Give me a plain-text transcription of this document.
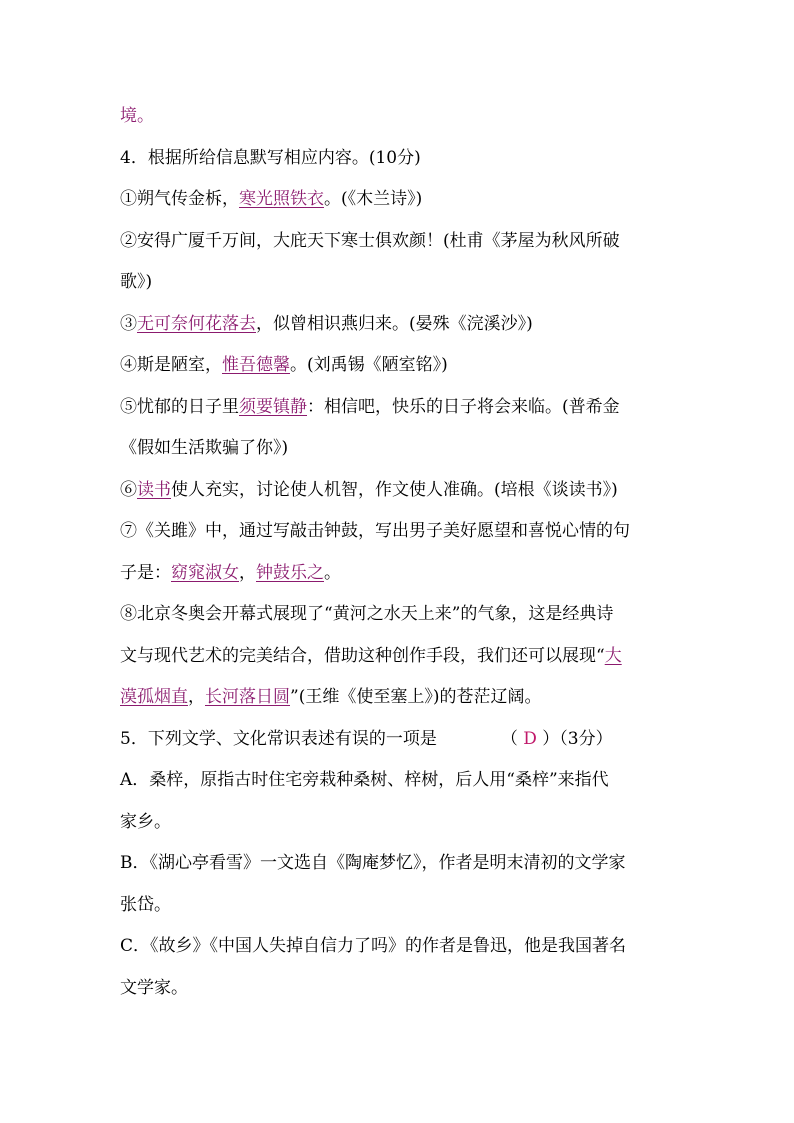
境。
4．根据所给信息默写相应内容。(10分)
①朔气传金柝，寒光照铁衣。(《木兰诗》)
②安得广厦千万间，大庇天下寒士俱欢颜！(杜甫《茅屋为秋风所破
歌》)
③无可奈何花落去，似曾相识燕归来。(晏殊《浣溪沙》)
④斯是陋室，惟吾德馨。(刘禹锡《陋室铭》)
⑤忧郁的日子里须要镇静：相信吧，快乐的日子将会来临。(普希金
《假如生活欺骗了你》)
⑥读书使人充实，讨论使人机智，作文使人准确。(培根《谈读书》)
⑦《关雎》中，通过写敲击钟鼓，写出男子美好愿望和喜悦心情的句
子是：窈窕淑女，钟鼓乐之。
⑧北京冬奥会开幕式展现了“黄河之水天上来”的气象，这是经典诗
文与现代艺术的完美结合，借助这种创作手段，我们还可以展现“大
漠孤烟直，长河落日圆”(王维《使至塞上》)的苍茫辽阔。
5．下列文学、文化常识表述有误的一项是	（ D ）（3分）
A．桑梓，原指古时住宅旁栽种桑树、梓树，后人用“桑梓”来指代
家乡。
B．《湖心亭看雪》一文选自《陶庵梦忆》，作者是明末清初的文学家
张岱。
C．《故乡》《中国人失掉自信力了吗》的作者是鲁迅，他是我国著名
文学家。
